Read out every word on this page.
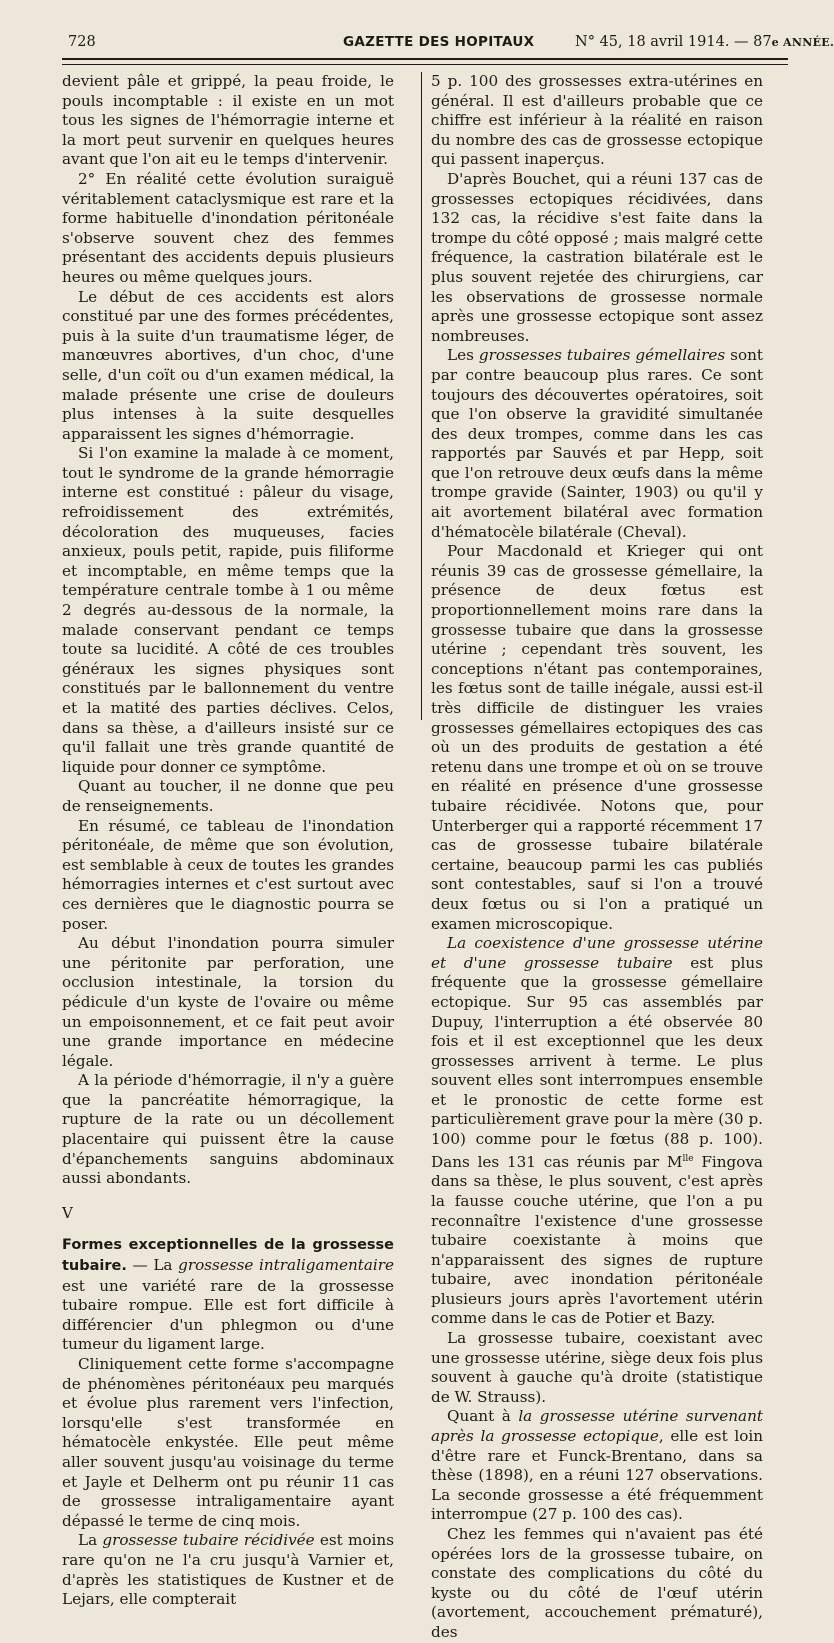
728	GAZETTE DES HOPITAUX	N° 45, 18 avril 1914. — 87e ANNÉE.

devient pâle et grippé, la peau froide, le pouls incomptable : il existe en un mot tous les signes de l'hémorragie interne et la mort peut survenir en quelques heures avant que l'on ait eu le temps d'intervenir.

2° En réalité cette évolution suraiguë véritablement cataclysmique est rare et la forme habituelle d'inondation péritonéale s'observe souvent chez des femmes présentant des accidents depuis plusieurs heures ou même quelques jours.

Le début de ces accidents est alors constitué par une des formes précédentes, puis à la suite d'un traumatisme léger, de manœuvres abortives, d'un choc, d'une selle, d'un coït ou d'un examen médical, la malade présente une crise de douleurs plus intenses à la suite desquelles apparaissent les signes d'hémorragie.

Si l'on examine la malade à ce moment, tout le syndrome de la grande hémorragie interne est constitué : pâleur du visage, refroidissement des extrémités, décoloration des muqueuses, facies anxieux, pouls petit, rapide, puis filiforme et incomptable, en même temps que la température centrale tombe à 1 ou même 2 degrés au-dessous de la normale, la malade conservant pendant ce temps toute sa lucidité. A côté de ces troubles généraux les signes physiques sont constitués par le ballonnement du ventre et la matité des parties déclives. Celos, dans sa thèse, a d'ailleurs insisté sur ce qu'il fallait une très grande quantité de liquide pour donner ce symptôme.

Quant au toucher, il ne donne que peu de renseignements.

En résumé, ce tableau de l'inondation péritonéale, de même que son évolution, est semblable à ceux de toutes les grandes hémorragies internes et c'est surtout avec ces dernières que le diagnostic pourra se poser.

Au début l'inondation pourra simuler une péritonite par perforation, une occlusion intestinale, la torsion du pédicule d'un kyste de l'ovaire ou même un empoisonnement, et ce fait peut avoir une grande importance en médecine légale.

A la période d'hémorragie, il n'y a guère que la pancréatite hémorragique, la rupture de la rate ou un décollement placentaire qui puissent être la cause d'épanchements sanguins abdominaux aussi abondants.

V

Formes exceptionnelles de la grossesse tubaire. — La grossesse intraligamentaire est une variété rare de la grossesse tubaire rompue. Elle est fort difficile à différencier d'un phlegmon ou d'une tumeur du ligament large.

Cliniquement cette forme s'accompagne de phénomènes péritonéaux peu marqués et évolue plus rarement vers l'infection, lorsqu'elle s'est transformée en hématocèle enkystée. Elle peut même aller souvent jusqu'au voisinage du terme et Jayle et Delherm ont pu réunir 11 cas de grossesse intraligamentaire ayant dépassé le terme de cinq mois.

La grossesse tubaire récidivée est moins rare qu'on ne l'a cru jusqu'à Varnier et, d'après les statistiques de Kustner et de Lejars, elle compterait

5 p. 100 des grossesses extra-utérines en général. Il est d'ailleurs probable que ce chiffre est inférieur à la réalité en raison du nombre des cas de grossesse ectopique qui passent inaperçus.

D'après Bouchet, qui a réuni 137 cas de grossesses ectopiques récidivées, dans 132 cas, la récidive s'est faite dans la trompe du côté opposé ; mais malgré cette fréquence, la castration bilatérale est le plus souvent rejetée des chirurgiens, car les observations de grossesse normale après une grossesse ectopique sont assez nombreuses.

Les grossesses tubaires gémellaires sont par contre beaucoup plus rares. Ce sont toujours des découvertes opératoires, soit que l'on observe la gravidité simultanée des deux trompes, comme dans les cas rapportés par Sauvés et par Hepp, soit que l'on retrouve deux œufs dans la même trompe gravide (Sainter, 1903) ou qu'il y ait avortement bilatéral avec formation d'hématocèle bilatérale (Cheval).

Pour Macdonald et Krieger qui ont réunis 39 cas de grossesse gémellaire, la présence de deux fœtus est proportionnellement moins rare dans la grossesse tubaire que dans la grossesse utérine ; cependant très souvent, les conceptions n'étant pas contemporaines, les fœtus sont de taille inégale, aussi est-il très difficile de distinguer les vraies grossesses gémellaires ectopiques des cas où un des produits de gestation a été retenu dans une trompe et où on se trouve en réalité en présence d'une grossesse tubaire récidivée. Notons que, pour Unterberger qui a rapporté récemment 17 cas de grossesse tubaire bilatérale certaine, beaucoup parmi les cas publiés sont contestables, sauf si l'on a trouvé deux fœtus ou si l'on a pratiqué un examen microscopique.

La coexistence d'une grossesse utérine et d'une grossesse tubaire est plus fréquente que la grossesse gémellaire ectopique. Sur 95 cas assemblés par Dupuy, l'interruption a été observée 80 fois et il est exceptionnel que les deux grossesses arrivent à terme. Le plus souvent elles sont interrompues ensemble et le pronostic de cette forme est particulièrement grave pour la mère (30 p. 100) comme pour le fœtus (88 p. 100). Dans les 131 cas réunis par $M^{lle}$ Fingova dans sa thèse, le plus souvent, c'est après la fausse couche utérine, que l'on a pu reconnaître l'existence d'une grossesse tubaire coexistante à moins que n'apparaissent des signes de rupture tubaire, avec inondation péritonéale plusieurs jours après l'avortement utérin comme dans le cas de Potier et Bazy.

La grossesse tubaire, coexistant avec une grossesse utérine, siège deux fois plus souvent à gauche qu'à droite (statistique de W. Strauss).

Quant à la grossesse utérine survenant après la grossesse ectopique, elle est loin d'être rare et Funck-Brentano, dans sa thèse (1898), en a réuni 127 observations. La seconde grossesse a été fréquemment interrompue (27 p. 100 des cas).

Chez les femmes qui n'avaient pas été opérées lors de la grossesse tubaire, on constate des complications du côté du kyste ou du côté de l'œuf utérin (avortement, accouchement prématuré), des
